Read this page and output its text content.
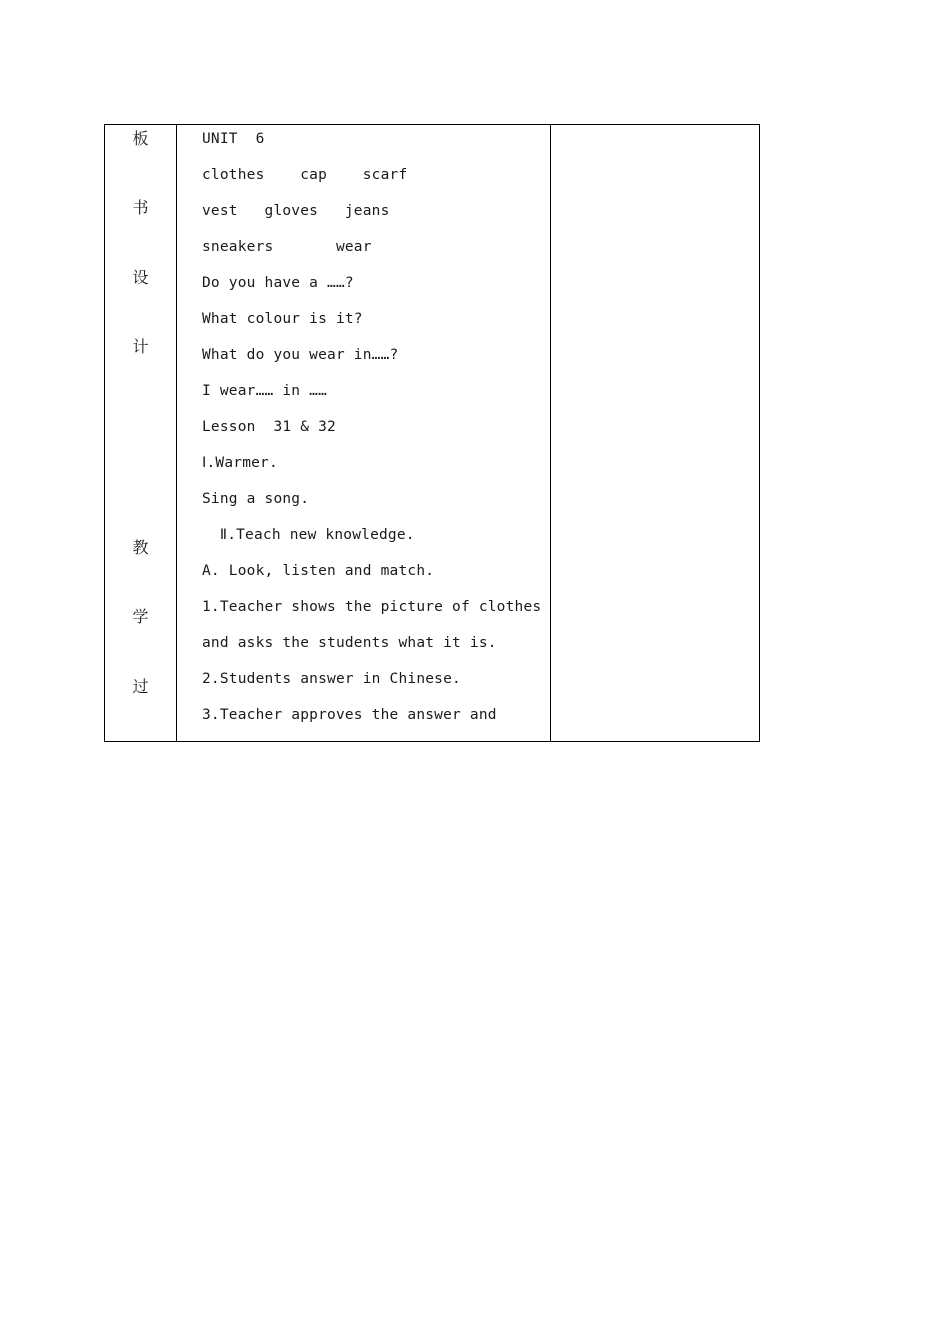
板
书
设
计
教
学
过
UNIT  6
clothes    cap    scarf
vest   gloves   jeans
sneakers       wear
Do you have a ……?
What colour is it?
What do you wear in……?
I wear…… in ……
Lesson  31 & 32
Ⅰ.Warmer.
Sing a song.
Ⅱ.Teach new knowledge.
A. Look, listen and match.
1.Teacher shows the picture of clothes
and asks the students what it is.
2.Students answer in Chinese.
3.Teacher approves the answer and
